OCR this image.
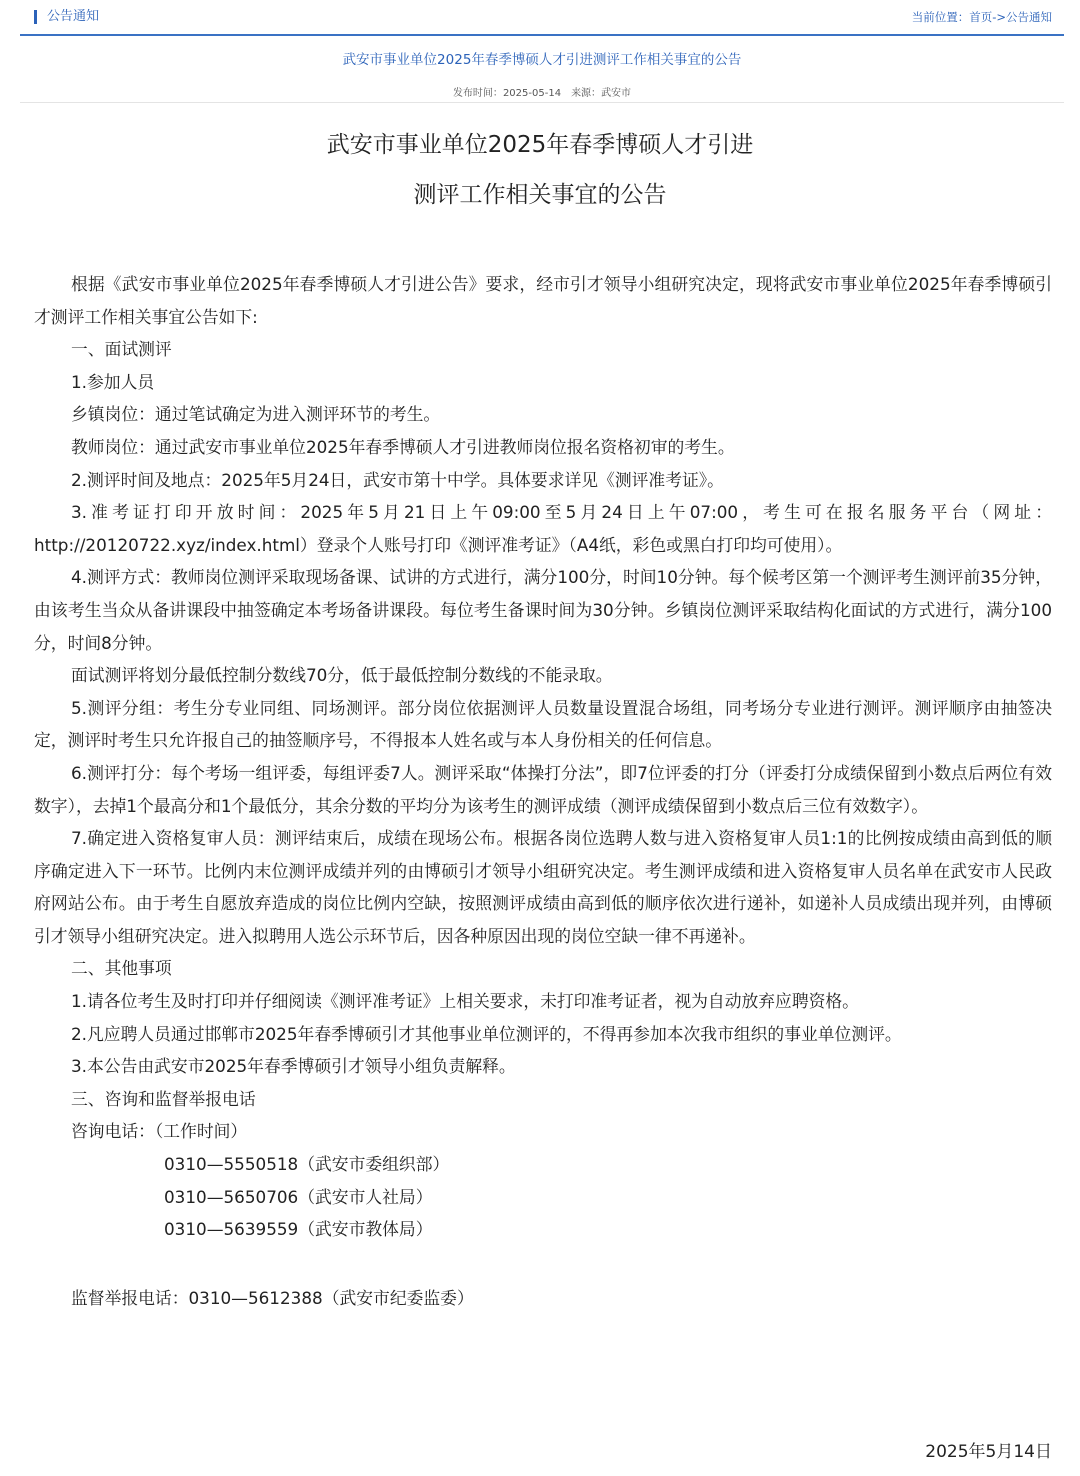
公告通知	当前位置：首页->公告通知
武安市事业单位2025年春季博硕人才引进测评工作相关事宜的公告
发布时间：2025-05-14 来源：武安市
武安市事业单位2025年春季博硕人才引进
测评工作相关事宜的公告

根据《武安市事业单位2025年春季博硕人才引进公告》要求，经市引才领导小组研究决定，现将武安市事业单位2025年春季博硕引才测评工作相关事宜公告如下:

一、面试测评

1.参加人员

乡镇岗位：通过笔试确定为进入测评环节的考生。

教师岗位：通过武安市事业单位2025年春季博硕人才引进教师岗位报名资格初审的考生。

2.测评时间及地点：2025年5月24日，武安市第十中学。具体要求详见《测评准考证》。

3.准考证打印开放时间：2025年5月21日上午09:00至5月24日上午07:00，考生可在报名服务平台（网址：http://20120722.xyz/index.html）登录个人账号打印《测评准考证》（A4纸，彩色或黑白打印均可使用）。

4.测评方式：教师岗位测评采取现场备课、试讲的方式进行，满分100分，时间10分钟。每个候考区第一个测评考生测评前35分钟，由该考生当众从备讲课段中抽签确定本考场备讲课段。每位考生备课时间为30分钟。乡镇岗位测评采取结构化面试的方式进行，满分100分，时间8分钟。

面试测评将划分最低控制分数线70分，低于最低控制分数线的不能录取。

5.测评分组：考生分专业同组、同场测评。部分岗位依据测评人员数量设置混合场组，同考场分专业进行测评。测评顺序由抽签决定，测评时考生只允许报自己的抽签顺序号，不得报本人姓名或与本人身份相关的任何信息。

6.测评打分：每个考场一组评委，每组评委7人。测评采取“体操打分法”，即7位评委的打分（评委打分成绩保留到小数点后两位有效数字），去掉1个最高分和1个最低分，其余分数的平均分为该考生的测评成绩（测评成绩保留到小数点后三位有效数字）。

7.确定进入资格复审人员：测评结束后，成绩在现场公布。根据各岗位选聘人数与进入资格复审人员1:1的比例按成绩由高到低的顺序确定进入下一环节。比例内末位测评成绩并列的由博硕引才领导小组研究决定。考生测评成绩和进入资格复审人员名单在武安市人民政府网站公布。由于考生自愿放弃造成的岗位比例内空缺，按照测评成绩由高到低的顺序依次进行递补，如递补人员成绩出现并列，由博硕引才领导小组研究决定。进入拟聘用人选公示环节后，因各种原因出现的岗位空缺一律不再递补。

二、其他事项

1.请各位考生及时打印并仔细阅读《测评准考证》上相关要求，未打印准考证者，视为自动放弃应聘资格。

2.凡应聘人员通过邯郸市2025年春季博硕引才其他事业单位测评的，不得再参加本次我市组织的事业单位测评。

3.本公告由武安市2025年春季博硕引才领导小组负责解释。

三、咨询和监督举报电话

咨询电话：（工作时间）

0310—5550518（武安市委组织部）

0310—5650706（武安市人社局）

0310—5639559（武安市教体局）

监督举报电话：0310—5612388（武安市纪委监委）

2025年5月14日
